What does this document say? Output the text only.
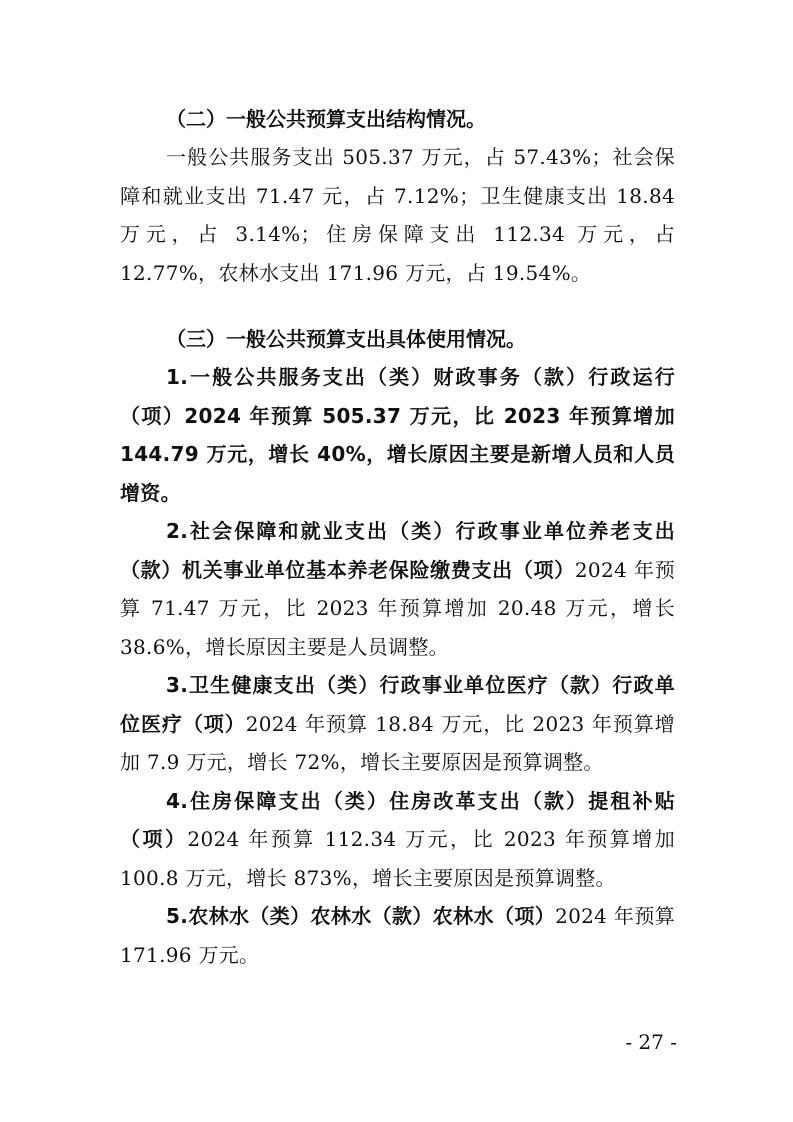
（二）一般公共预算支出结构情况。

一般公共服务支出 505.37 万元，占 57.43%；社会保障和就业支出 71.47 元，占 7.12%；卫生健康支出 18.84 万元，占 3.14%；住房保障支出 112.34 万元，占 12.77%，农林水支出 171.96 万元，占 19.54%。

（三）一般公共预算支出具体使用情况。

1.一般公共服务支出（类）财政事务（款）行政运行（项）2024 年预算 505.37 万元，比 2023 年预算增加 144.79 万元，增长 40%，增长原因主要是新增人员和人员增资。

2.社会保障和就业支出（类）行政事业单位养老支出（款）机关事业单位基本养老保险缴费支出（项）2024 年预算 71.47 万元，比 2023 年预算增加 20.48 万元，增长 38.6%，增长原因主要是人员调整。

3.卫生健康支出（类）行政事业单位医疗（款）行政单位医疗（项）2024 年预算 18.84 万元，比 2023 年预算增加 7.9 万元，增长 72%，增长主要原因是预算调整。

4.住房保障支出（类）住房改革支出（款）提租补贴（项）2024 年预算 112.34 万元，比 2023 年预算增加 100.8 万元，增长 873%，增长主要原因是预算调整。

5.农林水（类）农林水（款）农林水（项）2024 年预算 171.96 万元。

- 27 -
